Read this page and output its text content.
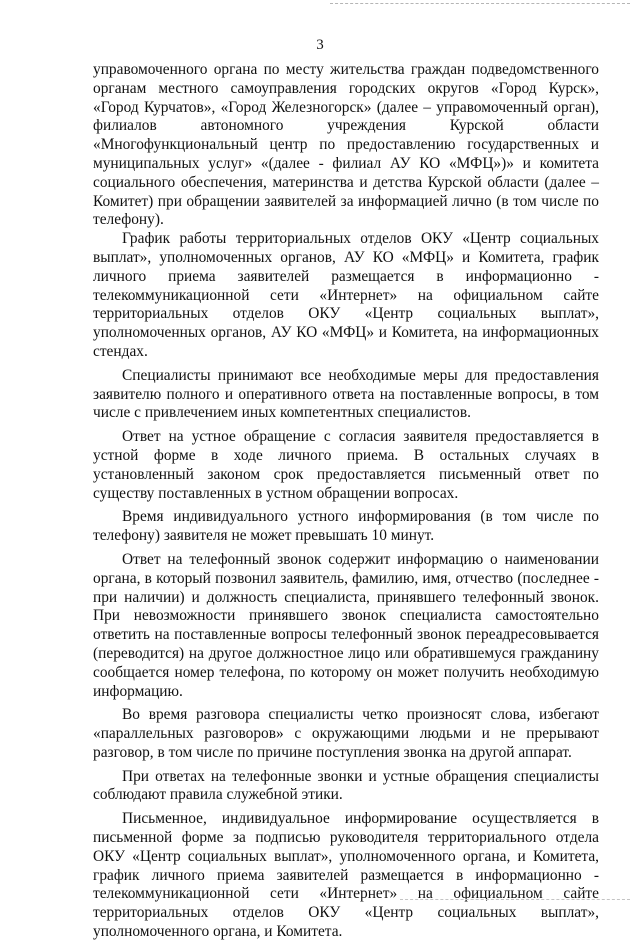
3

управомоченного органа по месту жительства граждан подведомственного органам местного самоуправления городских округов «Город Курск», «Город Курчатов», «Город Железногорск» (далее – управомоченный орган), филиалов автономного учреждения Курской области «Многофункциональный центр по предоставлению государственных и муниципальных услуг» «(далее - филиал АУ КО «МФЦ»)» и комитета социального обеспечения, материнства и детства Курской области (далее – Комитет) при обращении заявителей за информацией лично (в том числе по телефону).

График работы территориальных отделов ОКУ «Центр социальных выплат», уполномоченных органов, АУ КО «МФЦ» и Комитета, график личного приема заявителей размещается в информационно - телекоммуникационной сети «Интернет» на официальном сайте территориальных отделов ОКУ «Центр социальных выплат», уполномоченных органов, АУ КО «МФЦ» и Комитета, на информационных стендах.

Специалисты принимают все необходимые меры для предоставления заявителю полного и оперативного ответа на поставленные вопросы, в том числе с привлечением иных компетентных специалистов.

Ответ на устное обращение с согласия заявителя предоставляется в устной форме в ходе личного приема. В остальных случаях в установленный законом срок предоставляется письменный ответ по существу поставленных в устном обращении вопросах.

Время индивидуального устного информирования (в том числе по телефону) заявителя не может превышать 10 минут.

Ответ на телефонный звонок содержит информацию о наименовании органа, в который позвонил заявитель, фамилию, имя, отчество (последнее - при наличии) и должность специалиста, принявшего телефонный звонок. При невозможности принявшего звонок специалиста самостоятельно ответить на поставленные вопросы телефонный звонок переадресовывается (переводится) на другое должностное лицо или обратившемуся гражданину сообщается номер телефона, по которому он может получить необходимую информацию.

Во время разговора специалисты четко произносят слова, избегают «параллельных разговоров» с окружающими людьми и не прерывают разговор, в том числе по причине поступления звонка на другой аппарат.

При ответах на телефонные звонки и устные обращения специалисты соблюдают правила служебной этики.

Письменное, индивидуальное информирование осуществляется в письменной форме за подписью руководителя территориального отдела ОКУ «Центр социальных выплат», уполномоченного органа, и Комитета, график личного приема заявителей размещается в информационно - телекоммуникационной сети «Интернет» на официальном сайте территориальных отделов ОКУ «Центр социальных выплат», уполномоченного органа, и Комитета.
